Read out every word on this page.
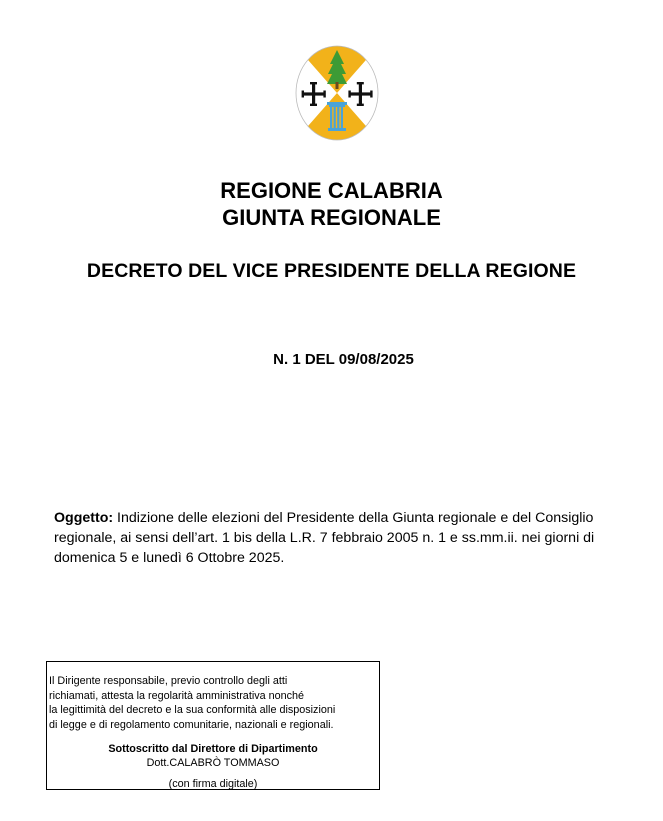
REGIONE CALABRIA
GIUNTA REGIONALE
DECRETO DEL VICE PRESIDENTE DELLA REGIONE
N. 1 DEL 09/08/2025
Oggetto: Indizione delle elezioni del Presidente della Giunta regionale e del Consiglio regionale, ai sensi dell’art. 1 bis della L.R. 7 febbraio 2005 n. 1 e ss.mm.ii. nei giorni di domenica 5 e lunedì 6 Ottobre 2025.
Il Dirigente responsabile, previo controllo degli atti
richiamati, attesta la regolarità amministrativa nonché
la legittimità del decreto e la sua conformità alle disposizioni
di legge e di regolamento comunitarie, nazionali e regionali.
Sottoscritto dal Direttore di Dipartimento
Dott.CALABRÒ TOMMASO
(con firma digitale)
